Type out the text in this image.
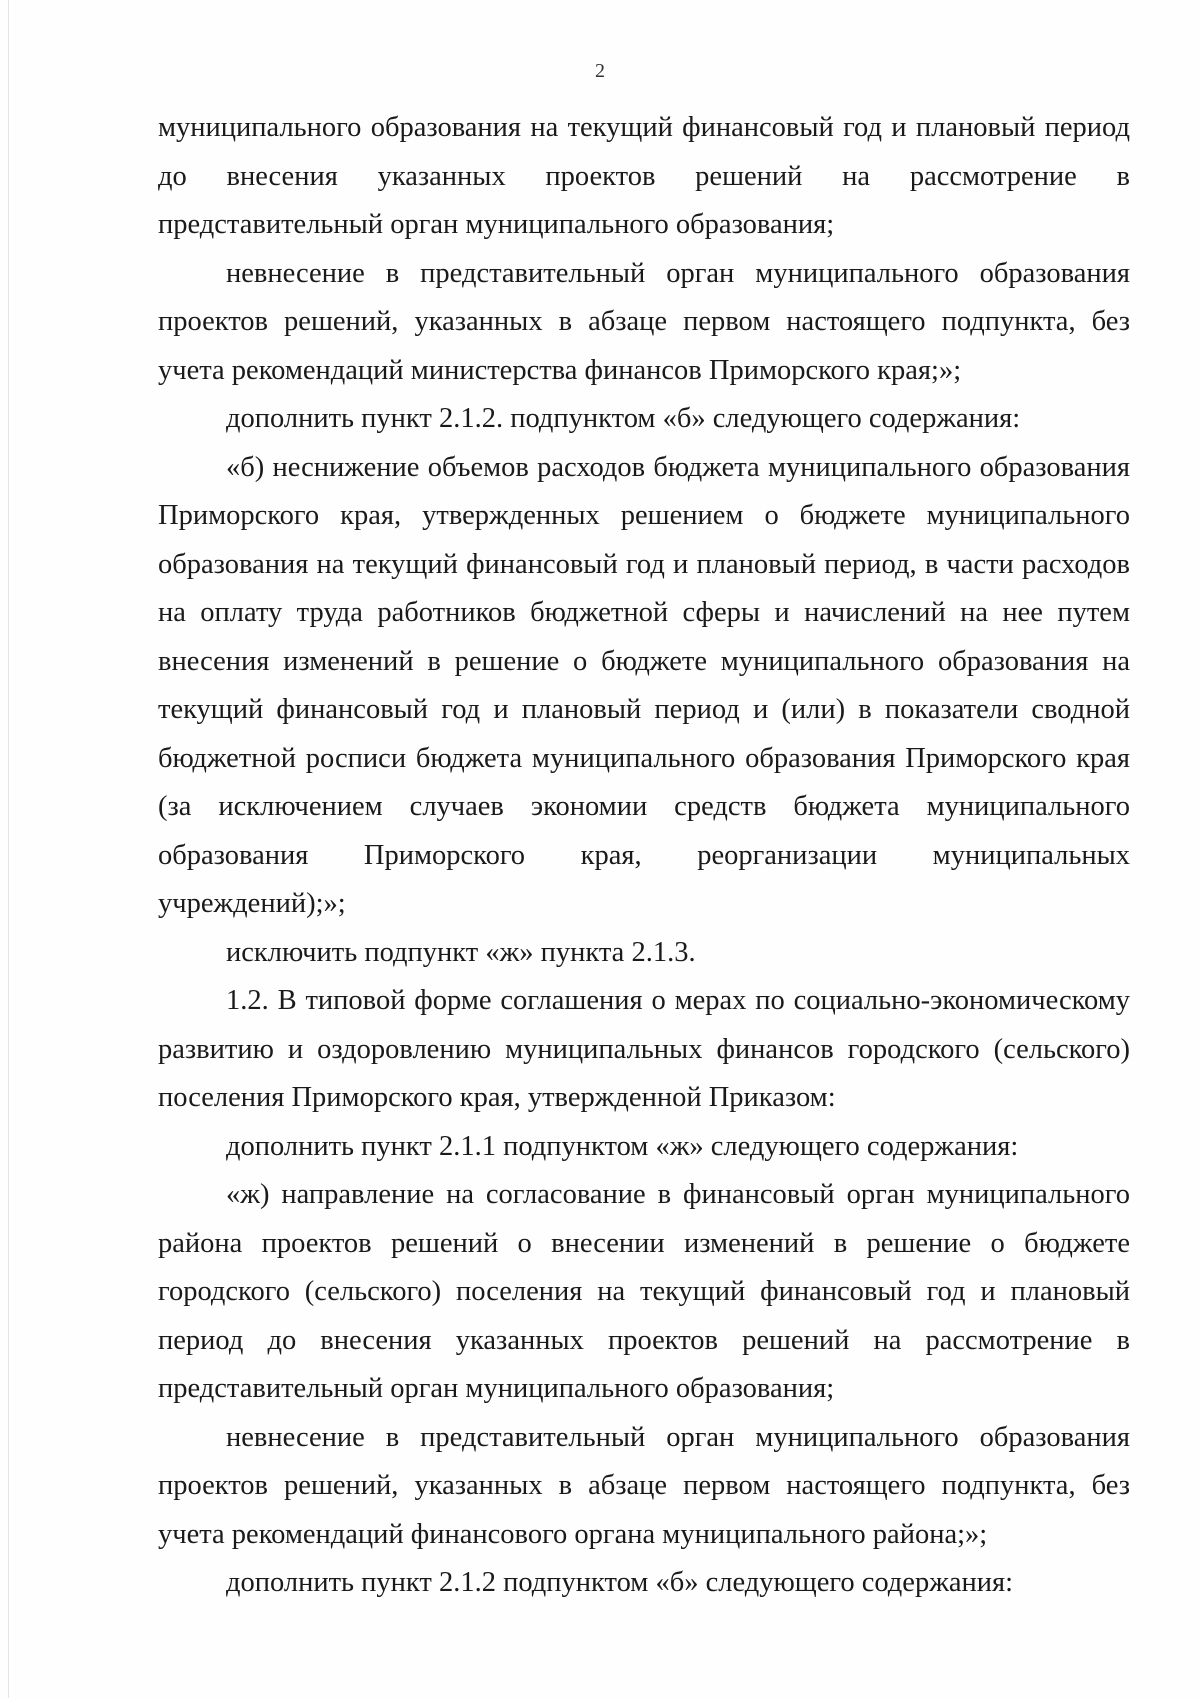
2

муниципального образования на текущий финансовый год и плановый период до внесения указанных проектов решений на рассмотрение в представительный орган муниципального образования;

невнесение в представительный орган муниципального образования проектов решений, указанных в абзаце первом настоящего подпункта, без учета рекомендаций министерства финансов Приморского края;»;

дополнить пункт 2.1.2. подпунктом «б» следующего содержания:

«б) неснижение объемов расходов бюджета муниципального образования Приморского края, утвержденных решением о бюджете муниципального образования на текущий финансовый год и плановый период, в части расходов на оплату труда работников бюджетной сферы и начислений на нее путем внесения изменений в решение о бюджете муниципального образования на текущий финансовый год и плановый период и (или) в показатели сводной бюджетной росписи бюджета муниципального образования Приморского края (за исключением случаев экономии средств бюджета муниципального образования Приморского края, реорганизации муниципальных учреждений);»;

исключить подпункт «ж» пункта 2.1.3.

1.2. В типовой форме соглашения о мерах по социально-экономическому развитию и оздоровлению муниципальных финансов городского (сельского) поселения Приморского края, утвержденной Приказом:

дополнить пункт 2.1.1 подпунктом «ж» следующего содержания:

«ж) направление на согласование в финансовый орган муниципального района проектов решений о внесении изменений в решение о бюджете городского (сельского) поселения на текущий финансовый год и плановый период до внесения указанных проектов решений на рассмотрение в представительный орган муниципального образования;

невнесение в представительный орган муниципального образования проектов решений, указанных в абзаце первом настоящего подпункта, без учета рекомендаций финансового органа муниципального района;»;

дополнить пункт 2.1.2 подпунктом «б» следующего содержания:
